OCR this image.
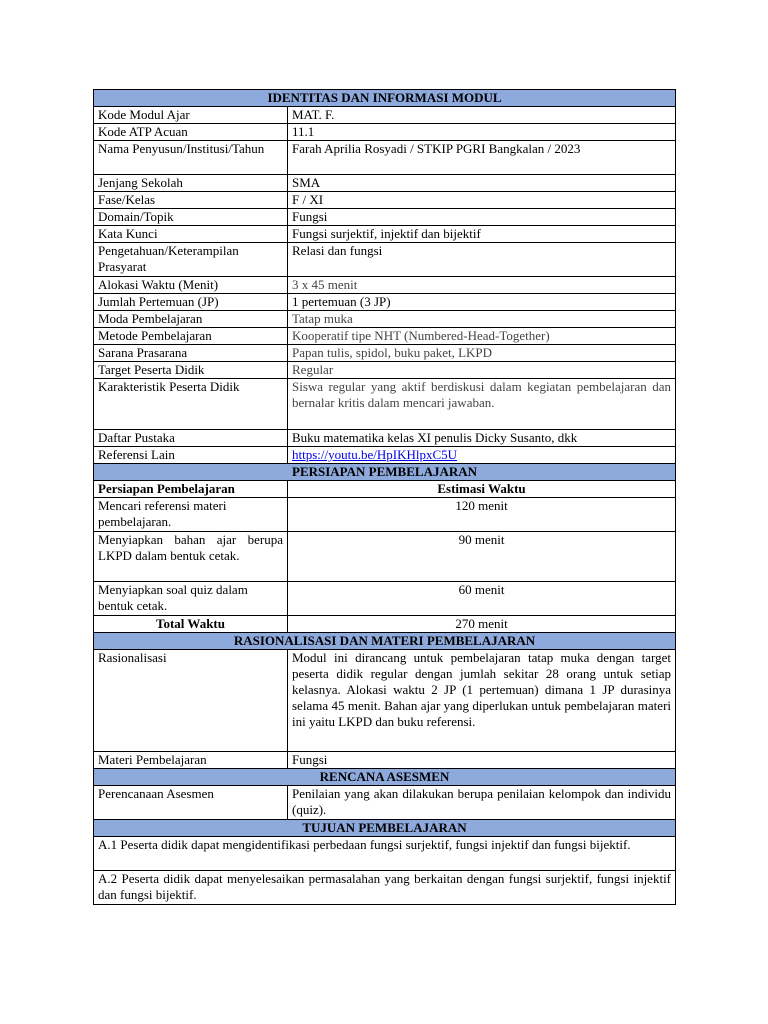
IDENTITAS DAN INFORMASI MODUL	
Kode Modul Ajar	MAT. F.
Kode ATP Acuan	11.1
Nama Penyusun/Institusi/Tahun	Farah Aprilia Rosyadi / STKIP PGRI Bangkalan / 2023
Jenjang Sekolah	SMA
Fase/Kelas	F / XI
Domain/Topik	Fungsi
Kata Kunci	Fungsi surjektif, injektif dan bijektif
Pengetahuan/Keterampilan Prasyarat	Relasi dan fungsi
Alokasi Waktu (Menit)	3 x 45 menit
Jumlah Pertemuan (JP)	1 pertemuan (3 JP)
Moda Pembelajaran	Tatap muka
Metode Pembelajaran	Kooperatif tipe NHT (Numbered-Head-Together)
Sarana Prasarana	Papan tulis, spidol, buku paket, LKPD
Target Peserta Didik	Regular
Karakteristik Peserta Didik	Siswa regular yang aktif berdiskusi dalam kegiatan pembelajaran dan bernalar kritis dalam mencari jawaban.
Daftar Pustaka	Buku matematika kelas XI penulis Dicky Susanto, dkk
Referensi Lain	https://youtu.be/HpIKHlpxC5U
PERSIAPAN PEMBELAJARAN	
Persiapan Pembelajaran	Estimasi Waktu
Mencari referensi materi pembelajaran.	120 menit
Menyiapkan bahan ajar berupa LKPD dalam bentuk cetak.	90 menit
Menyiapkan soal quiz dalam bentuk cetak.	60 menit
Total Waktu	270 menit
RASIONALISASI DAN MATERI PEMBELAJARAN	
Rasionalisasi	Modul ini dirancang untuk pembelajaran tatap muka dengan target peserta didik regular dengan jumlah sekitar 28 orang untuk setiap kelasnya. Alokasi waktu 2 JP (1 pertemuan) dimana 1 JP durasinya selama 45 menit. Bahan ajar yang diperlukan untuk pembelajaran materi ini yaitu LKPD dan buku referensi.
Materi Pembelajaran	Fungsi
RENCANA ASESMEN	
Perencanaan Asesmen	Penilaian yang akan dilakukan berupa penilaian kelompok dan individu (quiz).
TUJUAN PEMBELAJARAN	
A.1 Peserta didik dapat mengidentifikasi perbedaan fungsi surjektif, fungsi injektif dan fungsi bijektif.	
A.2 Peserta didik dapat menyelesaikan permasalahan yang berkaitan dengan fungsi surjektif, fungsi injektif dan fungsi bijektif.	
